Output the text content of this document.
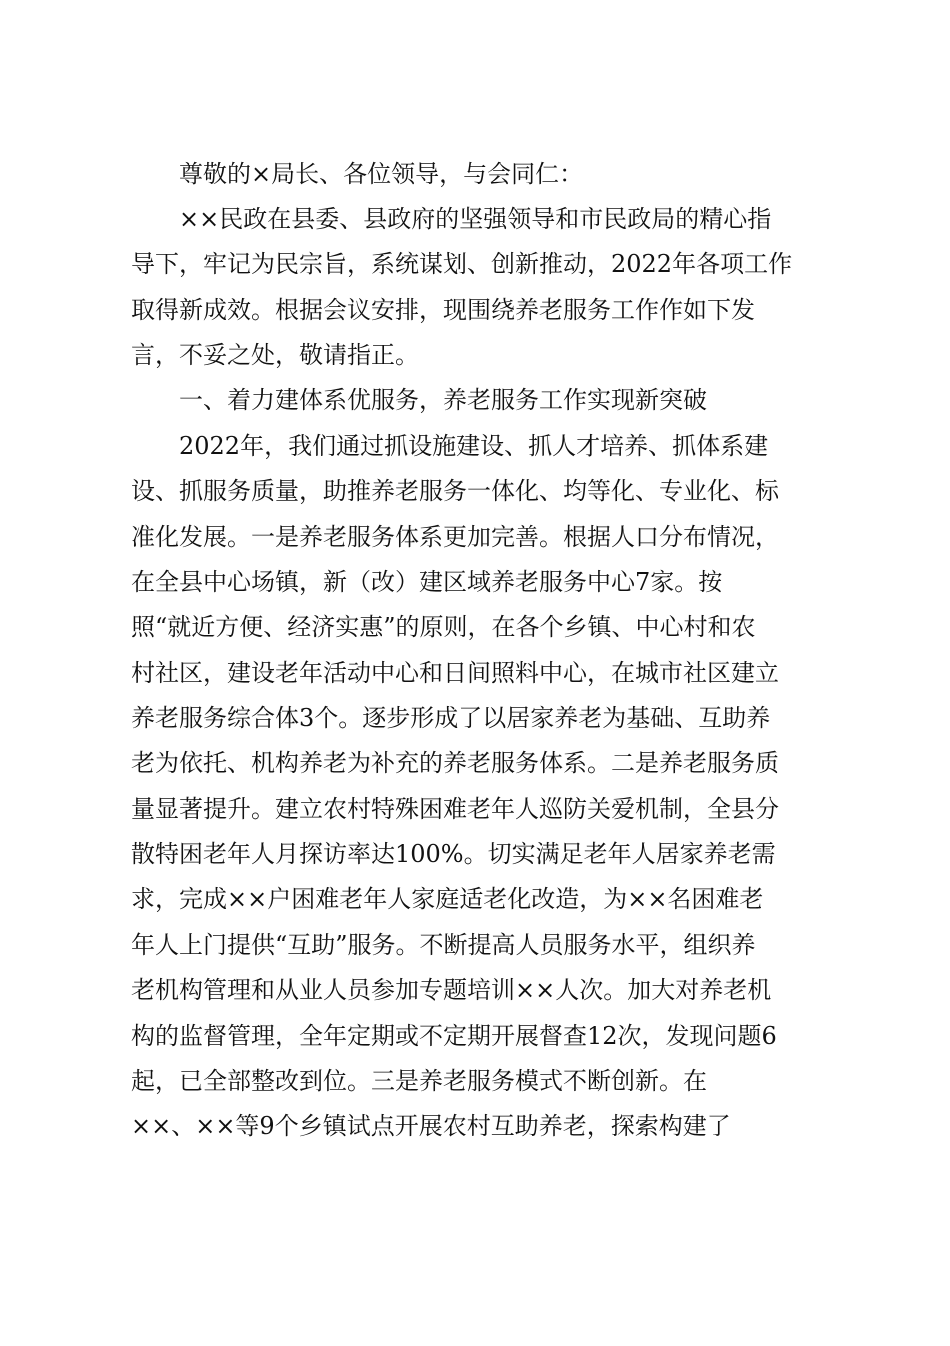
尊敬的×局长、各位领导，与会同仁：
××民政在县委、县政府的坚强领导和市民政局的精心指
导下，牢记为民宗旨，系统谋划、创新推动，2022年各项工作
取得新成效。根据会议安排，现围绕养老服务工作作如下发
言，不妥之处，敬请指正。
一、着力建体系优服务，养老服务工作实现新突破
2022年，我们通过抓设施建设、抓人才培养、抓体系建
设、抓服务质量，助推养老服务一体化、均等化、专业化、标
准化发展。一是养老服务体系更加完善。根据人口分布情况，
在全县中心场镇，新（改）建区域养老服务中心7家。按
照“就近方便、经济实惠”的原则，在各个乡镇、中心村和农
村社区，建设老年活动中心和日间照料中心，在城市社区建立
养老服务综合体3个。逐步形成了以居家养老为基础、互助养
老为依托、机构养老为补充的养老服务体系。二是养老服务质
量显著提升。建立农村特殊困难老年人巡防关爱机制，全县分
散特困老年人月探访率达100%。切实满足老年人居家养老需
求，完成××户困难老年人家庭适老化改造，为××名困难老
年人上门提供“互助”服务。不断提高人员服务水平，组织养
老机构管理和从业人员参加专题培训××人次。加大对养老机
构的监督管理，全年定期或不定期开展督查12次，发现问题6
起，已全部整改到位。三是养老服务模式不断创新。在
××、××等9个乡镇试点开展农村互助养老，探索构建了
